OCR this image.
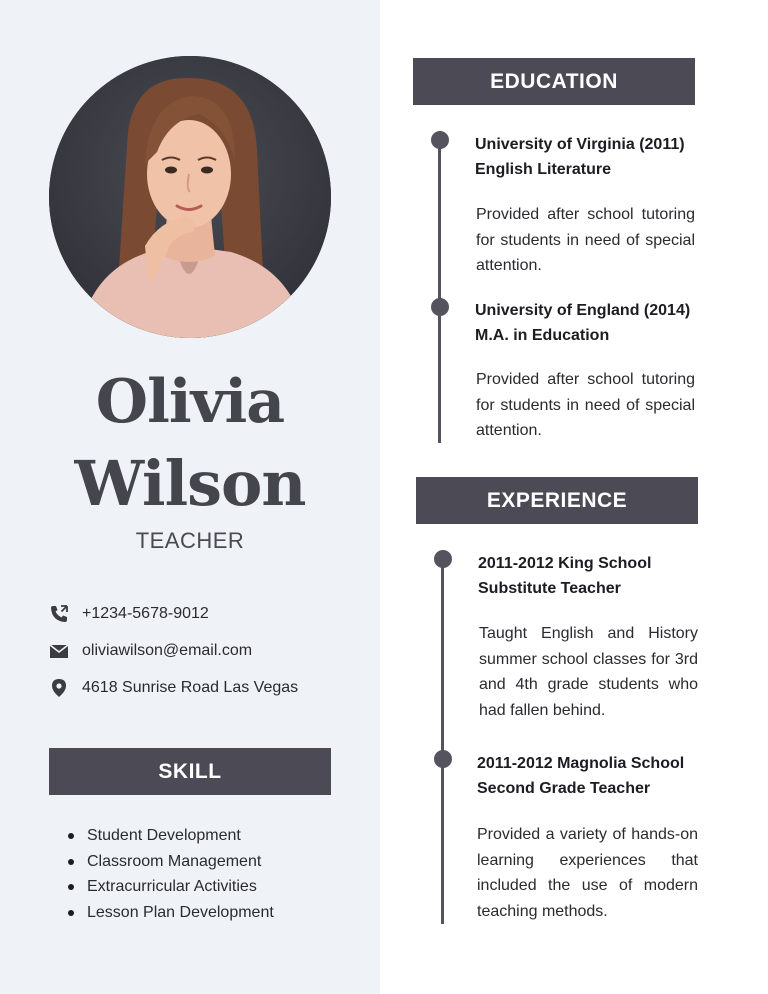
Olivia
Wilson
TEACHER
+1234-5678-9012
oliviawilson@email.com
4618 Sunrise Road Las Vegas
SKILL
Student Development
Classroom Management
Extracurricular Activities
Lesson Plan Development
EDUCATION
University of Virginia (2011)
English Literature
Provided after school tutoring for students in need of special attention.
University of England (2014)
M.A. in Education
Provided after school tutoring for students in need of special attention.
EXPERIENCE
2011-2012 King School
Substitute Teacher
Taught English and History summer school classes for 3rd and 4th grade students who had fallen behind.
2011-2012 Magnolia School
Second Grade Teacher
Provided a variety of hands-on learning experiences that included the use of modern teaching methods.
